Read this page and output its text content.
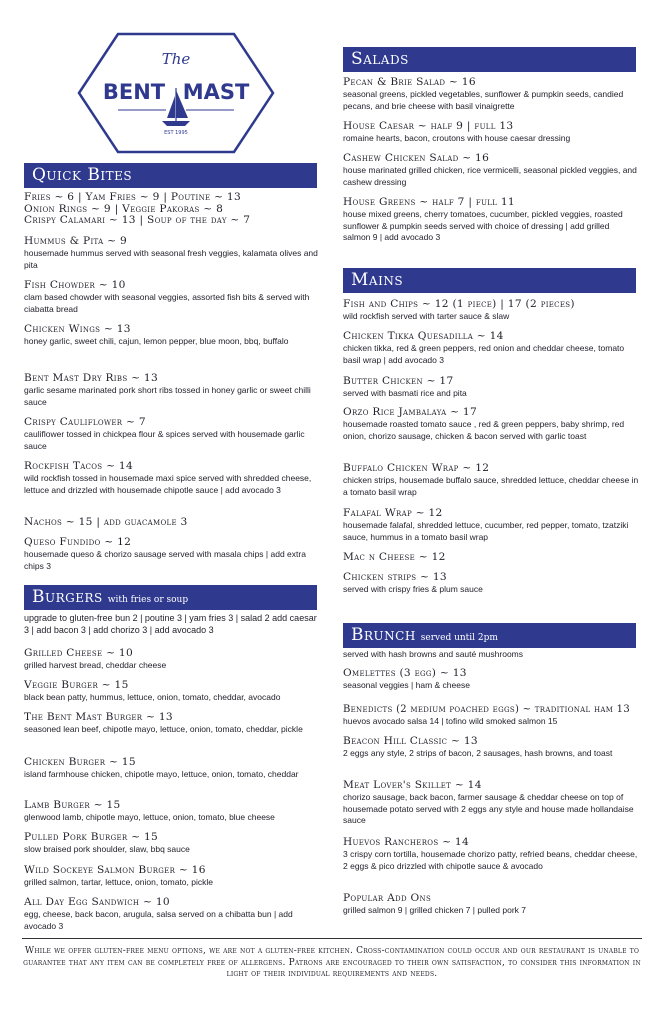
The
BENT MAST
EST 1995
Quick Bites
Fries ~ 6 | Yam Fries ~ 9 | Poutine ~ 13
Onion Rings ~ 9 | Veggie Pakoras ~ 8
Crispy Calamari ~ 13 | Soup of the day ~ 7
Hummus & Pita ~ 9
housemade hummus served with seasonal fresh veggies, kalamata olives and pita
Fish Chowder ~ 10
clam based chowder with seasonal veggies, assorted fish bits & served with ciabatta bread
Chicken Wings ~ 13
honey garlic, sweet chili, cajun, lemon pepper, blue moon, bbq, buffalo
Bent Mast Dry Ribs ~ 13
garlic sesame marinated pork short ribs tossed in honey garlic or sweet chilli sauce
Crispy Cauliflower ~ 7
cauliflower tossed in chickpea flour & spices served with housemade garlic sauce
Rockfish Tacos ~ 14
wild rockfish tossed in housemade maxi spice served with shredded cheese, lettuce and drizzled with housemade chipotle sauce | add avocado 3
Nachos ~ 15 | add guacamole 3
Queso Fundido ~ 12
housemade queso & chorizo sausage served with masala chips | add extra chips 3
Burgers with fries or soup
upgrade to gluten-free bun 2 | poutine 3 | yam fries 3 | salad 2 add caesar 3 | add bacon 3 | add chorizo 3 | add avocado 3
Grilled Cheese ~ 10
grilled harvest bread, cheddar cheese
Veggie Burger ~ 15
black bean patty, hummus, lettuce, onion, tomato, cheddar, avocado
The Bent Mast Burger ~ 13
seasoned lean beef, chipotle mayo, lettuce, onion, tomato, cheddar, pickle
Chicken Burger ~ 15
island farmhouse chicken, chipotle mayo, lettuce, onion, tomato, cheddar
Lamb Burger ~ 15
glenwood lamb, chipotle mayo, lettuce, onion, tomato, blue cheese
Pulled Pork Burger ~ 15
slow braised pork shoulder, slaw, bbq sauce
Wild Sockeye Salmon Burger ~ 16
grilled salmon, tartar, lettuce, onion, tomato, pickle
All Day Egg Sandwich ~ 10
egg, cheese, back bacon, arugula, salsa served on a chibatta bun | add avocado 3
Salads
Pecan & Brie Salad ~ 16
seasonal greens, pickled vegetables, sunflower & pumpkin seeds, candied pecans, and brie cheese with basil vinaigrette
House Caesar ~ half 9 | full 13
romaine hearts, bacon, croutons with house caesar dressing
Cashew Chicken Salad ~ 16
house marinated grilled chicken, rice vermicelli, seasonal pickled veggies, and cashew dressing
House Greens ~ half 7 | full 11
house mixed greens, cherry tomatoes, cucumber, pickled veggies, roasted sunflower & pumpkin seeds served with choice of dressing | add grilled salmon 9 | add avocado 3
Mains
Fish and Chips ~ 12 (1 piece) | 17 (2 pieces)
wild rockfish served with tarter sauce & slaw
Chicken Tikka Quesadilla ~ 14
chicken tikka, red & green peppers, red onion and cheddar cheese, tomato basil wrap | add avocado 3
Butter Chicken ~ 17
served with basmati rice and pita
Orzo Rice Jambalaya ~ 17
housemade roasted tomato sauce , red & green peppers, baby shrimp, red onion, chorizo sausage, chicken & bacon served with garlic toast
Buffalo Chicken Wrap ~ 12
chicken strips, housemade buffalo sauce, shredded lettuce, cheddar cheese in a tomato basil wrap
Falafal Wrap ~ 12
housemade falafal, shredded lettuce, cucumber, red pepper, tomato, tzatziki sauce, hummus in a tomato basil wrap
Mac n Cheese ~ 12
Chicken strips ~ 13
served with crispy fries & plum sauce
Brunch served until 2pm
served with hash browns and sauté mushrooms
Omelettes (3 egg) ~ 13
seasonal veggies | ham & cheese
Benedicts (2 medium poached eggs) ~ traditional ham 13
huevos avocado salsa 14 | tofino wild smoked salmon 15
Beacon Hill Classic ~ 13
2 eggs any style, 2 strips of bacon, 2 sausages, hash browns, and toast
Meat Lover's Skillet ~ 14
chorizo sausage, back bacon, farmer sausage & cheddar cheese on top of housemade potato served with 2 eggs any style and house made hollandaise sauce
Huevos Rancheros ~ 14
3 crispy corn tortilla, housemade chorizo patty, refried beans, cheddar cheese, 2 eggs & pico drizzled with chipotle sauce & avocado
Popular Add Ons
grilled salmon 9 | grilled chicken 7 | pulled pork 7
While we offer gluten-free menu options, we are not a gluten-free kitchen. Cross-contamination could occur and our restaurant is unable to guarantee that any item can be completely free of allergens. Patrons are encouraged to their own satisfaction, to consider this information in light of their individual requirements and needs.
